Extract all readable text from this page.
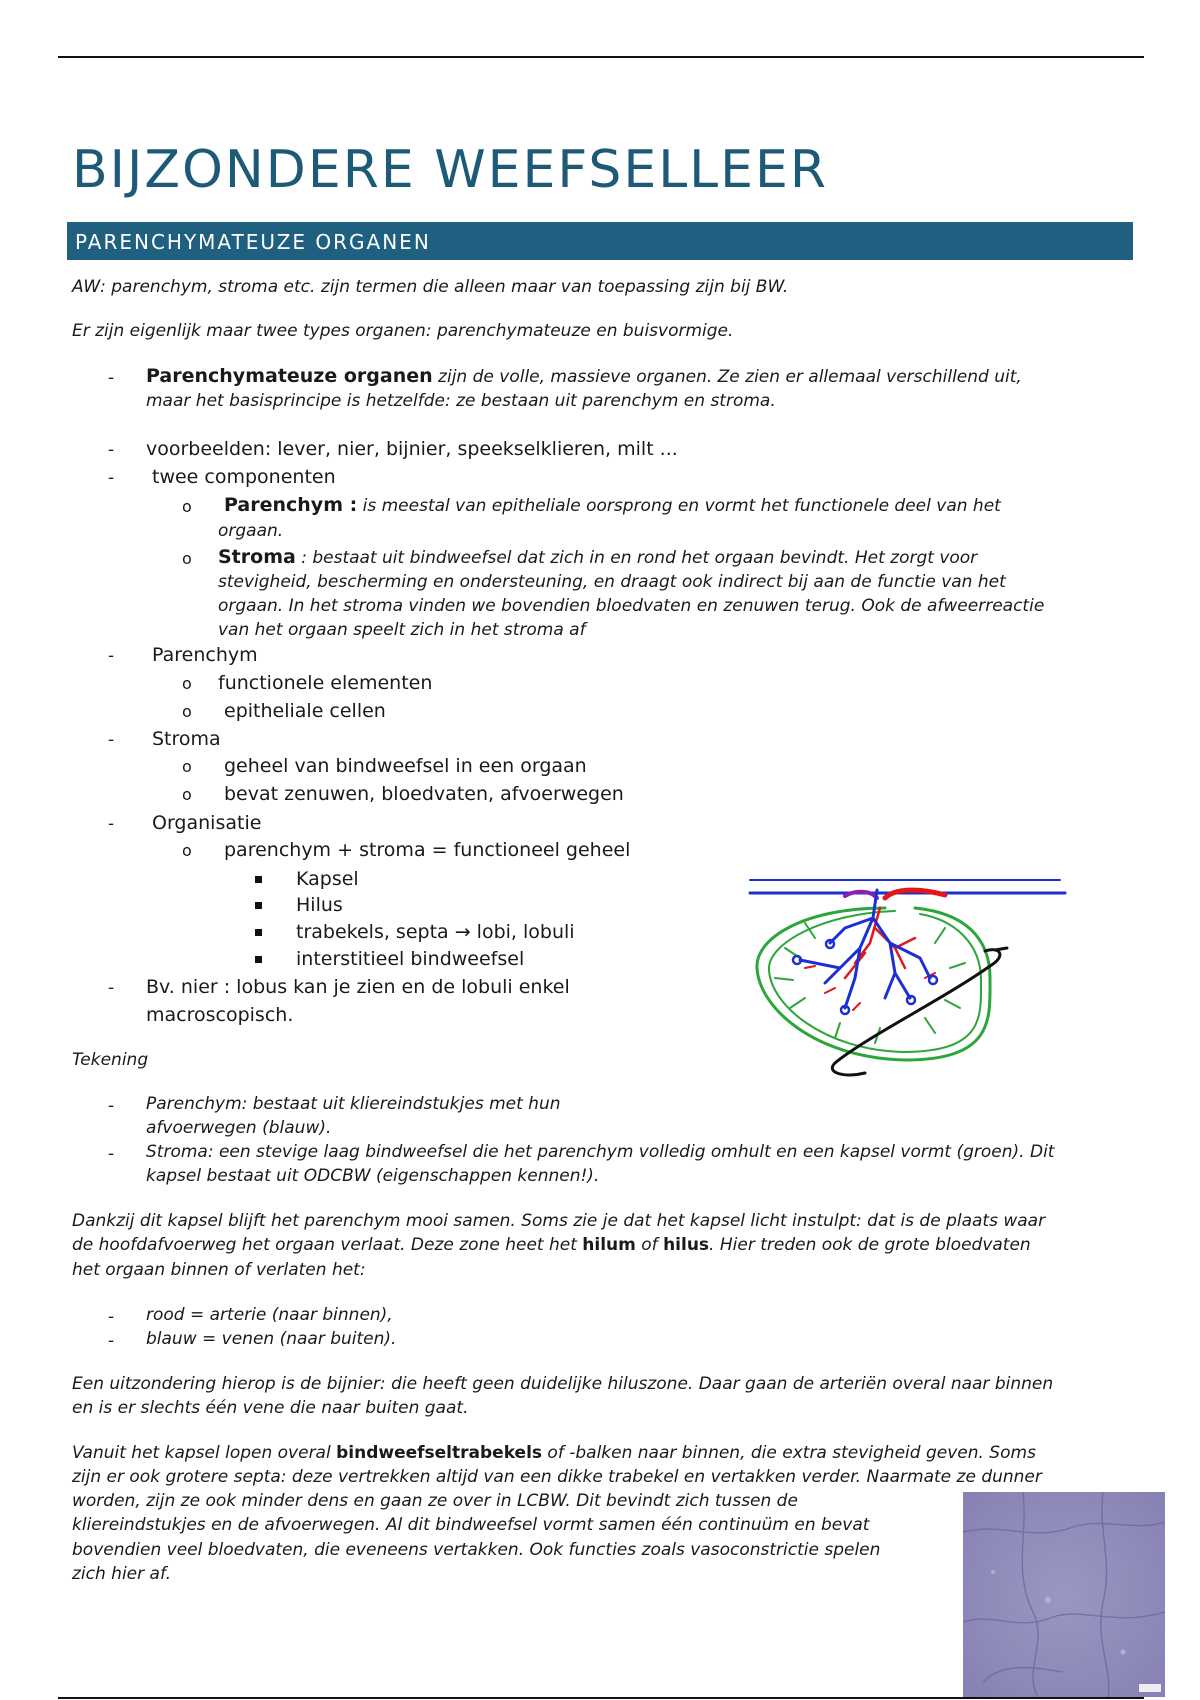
BIJZONDERE WEEFSELLEER
PARENCHYMATEUZE ORGANEN
AW: parenchym, stroma etc. zijn termen die alleen maar van toepassing zijn bij BW.
Er zijn eigenlijk maar twee types organen: parenchymateuze en buisvormige.
- Parenchymateuze organen zijn de volle, massieve organen. Ze zien er allemaal verschillend uit,
maar het basisprincipe is hetzelfde: ze bestaan uit parenchym en stroma.
- voorbeelden: lever, nier, bijnier, speekselklieren, milt ...
- twee componenten
o Parenchym : is meestal van epitheliale oorsprong en vormt het functionele deel van het
orgaan.
o Stroma : bestaat uit bindweefsel dat zich in en rond het orgaan bevindt. Het zorgt voor
stevigheid, bescherming en ondersteuning, en draagt ook indirect bij aan de functie van het
orgaan. In het stroma vinden we bovendien bloedvaten en zenuwen terug. Ook de afweerreactie
van het orgaan speelt zich in het stroma af
- Parenchym
o functionele elementen
o epitheliale cellen
- Stroma
o geheel van bindweefsel in een orgaan
o bevat zenuwen, bloedvaten, afvoerwegen
- Organisatie
o parenchym + stroma = functioneel geheel
Kapsel
Hilus
trabekels, septa → lobi, lobuli
interstitieel bindweefsel
- Bv. nier : lobus kan je zien en de lobuli enkel
macroscopisch.
Tekening
- Parenchym: bestaat uit kliereindstukjes met hun
afvoerwegen (blauw).
- Stroma: een stevige laag bindweefsel die het parenchym volledig omhult en een kapsel vormt (groen). Dit
kapsel bestaat uit ODCBW (eigenschappen kennen!).
Dankzij dit kapsel blijft het parenchym mooi samen. Soms zie je dat het kapsel licht instulpt: dat is de plaats waar
de hoofdafvoerweg het orgaan verlaat. Deze zone heet het hilum of hilus. Hier treden ook de grote bloedvaten
het orgaan binnen of verlaten het:
- rood = arterie (naar binnen),
- blauw = venen (naar buiten).
Een uitzondering hierop is de bijnier: die heeft geen duidelijke hiluszone. Daar gaan de arteriën overal naar binnen
en is er slechts één vene die naar buiten gaat.
Vanuit het kapsel lopen overal bindweefseltrabekels of -balken naar binnen, die extra stevigheid geven. Soms
zijn er ook grotere septa: deze vertrekken altijd van een dikke trabekel en vertakken verder. Naarmate ze dunner
worden, zijn ze ook minder dens en gaan ze over in LCBW. Dit bevindt zich tussen de
kliereindstukjes en de afvoerwegen. Al dit bindweefsel vormt samen één continuüm en bevat
bovendien veel bloedvaten, die eveneens vertakken. Ook functies zoals vasoconstrictie spelen
zich hier af.
